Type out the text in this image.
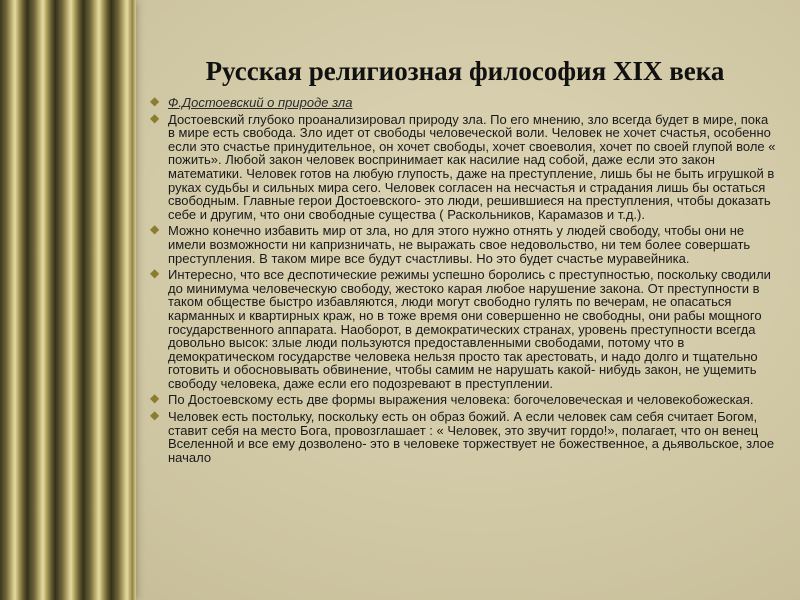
Русская религиозная философия XIX века
◆ Ф.Достоевский о природе зла
◆ Достоевский глубоко проанализировал природу зла. По его мнению, зло всегда будет в мире, пока в мире есть свобода. Зло идет от свободы человеческой воли. Человек не хочет счастья, особенно если это счастье принудительное, он хочет свободы, хочет своеволия, хочет по своей глупой воле « пожить». Любой закон человек воспринимает как насилие над собой, даже если это закон математики. Человек готов на любую глупость, даже на преступление, лишь бы не быть игрушкой в руках судьбы и сильных мира сего. Человек согласен на несчастья и страдания лишь бы остаться свободным. Главные герои Достоевского- это люди, решившиеся на преступления, чтобы доказать себе и другим, что они свободные существа ( Раскольников, Карамазов и т.д.).
◆ Можно конечно избавить мир от зла, но для этого нужно отнять у людей свободу, чтобы они не имели возможности ни капризничать, не выражать свое недовольство, ни тем более совершать преступления. В таком мире все будут счастливы. Но это будет счастье муравейника.
◆ Интересно, что все деспотические режимы успешно боролись с преступностью, поскольку сводили до минимума человеческую свободу, жестоко карая любое нарушение закона. От преступности в таком обществе быстро избавляются, люди могут свободно гулять по вечерам, не опасаться карманных и квартирных краж, но в тоже время они совершенно не свободны, они рабы мощного государственного аппарата. Наоборот, в демократических странах, уровень преступности всегда довольно высок: злые люди пользуются предоставленными свободами, потому что в демократическом государстве человека нельзя просто так арестовать, и надо долго и тщательно готовить и обосновывать обвинение, чтобы самим не нарушать какой- нибудь закон, не ущемить свободу человека, даже если его подозревают в преступлении.
◆ По Достоевскому есть две формы выражения человека: богочеловеческая и человекобожеская.
◆ Человек есть постольку, поскольку есть он образ божий. А если человек сам себя считает Богом, ставит себя на место Бога, провозглашает : « Человек, это звучит гордо!», полагает, что он венец Вселенной и все ему дозволено- это в человеке торжествует не божественное, а дьявольское, злое начало
